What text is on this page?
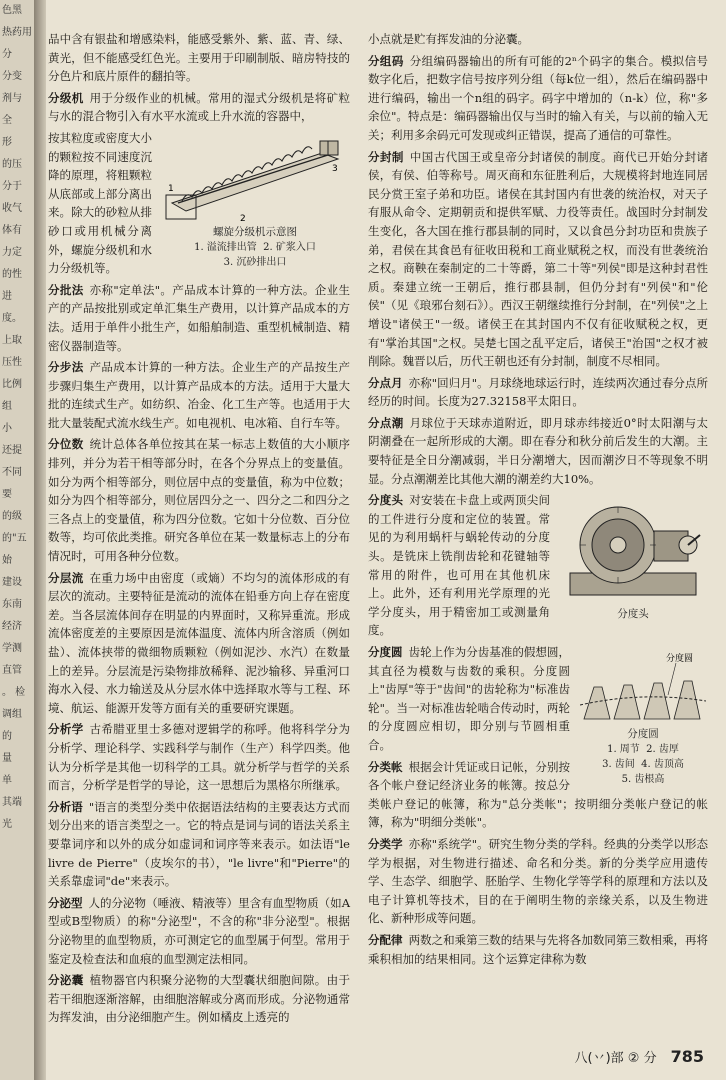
色黑
热药用
分
分变
剂与
全
形
的压
分于
收气
体有
力定
的性
进
度。
上取
压性
比例
组
小
还提
不同
要
的级
的"五
始
建设
东南
经济
学测
直管
。 检
调组
的
量
单
其端
光
品中含有银盐和增感染料，能感受紫外、紫、蓝、青、绿、黄光，但不能感受红色光。主要用于印刷制版、暗房特技的分色片和底片原件的翻拍等。
分级机 用于分级作业的机械。常用的湿式分级机是将矿粒与水的混合物引入有水平水流或上升水流的容器中，
1
2
3
螺旋分级机示意图
1. 溢流排出管 2. 矿浆入口
3. 沉砂排出口
按其粒度或密度大小的颗粒按不同速度沉降的原理，将粗颗粒从底部或上部分离出来。除大的砂粒从排砂口或用机械分离外，螺旋分级机和水力分级机等。
分批法 亦称"定单法"。产品成本计算的一种方法。企业生产的产品按批别或定单汇集生产费用，以计算产品成本的方法。适用于单件小批生产，如船舶制造、重型机械制造、精密仪器制造等。
分步法 产品成本计算的一种方法。企业生产的产品按生产步骤归集生产费用，以计算产品成本的方法。适用于大量大批的连续式生产。如纺织、冶金、化工生产等。也适用于大批大量装配式流水线生产。如电视机、电冰箱、自行车等。
分位数 统计总体各单位按其在某一标志上数值的大小顺序排列，并分为若干相等部分时，在各个分界点上的变量值。如分为两个相等部分，则位居中点的变量值，称为中位数；如分为四个相等部分，则位居四分之一、四分之二和四分之三各点上的变量值，称为四分位数。它如十分位数、百分位数等，均可依此类推。研究各单位在某一数量标志上的分布情况时，可用各种分位数。
分层流 在重力场中由密度（或熵）不均匀的流体形成的有层次的流动。主要特征是流动的流体在铅垂方向上存在密度差。当各层流体间存在明显的内界面时，又称异重流。形成流体密度差的主要原因是流体温度、流体内所含溶质（例如盐）、流体挟带的微细物质颗粒（例如泥沙、水汽）在数量上的差异。分层流是污染物排放稀释、泥沙输移、异重河口海水入侵、水力输送及从分层水体中选择取水等与工程、环境、航运、能源开发等方面有关的重要研究课题。
分析学 古希腊亚里士多德对逻辑学的称呼。他将科学分为分析学、理论科学、实践科学与制作（生产）科学四类。他认为分析学是其他一切科学的工具。就分析学与哲学的关系而言，分析学是哲学的导论，这一思想后为黑格尔所继承。
分析语 "语言的类型分类中依据语法结构的主要表达方式而划分出来的语言类型之一。它的特点是词与词的语法关系主要靠词序和以外的成分如虚词和词序等来表示。如法语"le livre de Pierre"（皮埃尔的书），"le livre"和"Pierre"的关系靠虚词"de"来表示。
分泌型 人的分泌物（唾液、精液等）里含有血型物质（如A型或B型物质）的称"分泌型"，不含的称"非分泌型"。根据分泌物里的血型物质，亦可测定它的血型属于何型。常用于鉴定及检查法和血痕的血型测定法相同。
分泌囊 植物器官内积聚分泌物的大型囊状细胞间隙。由于若干细胞逐渐溶解，由细胞溶解或分离而形成。分泌物通常为挥发油，由分泌细胞产生。例如橘皮上透亮的
小点就是贮有挥发油的分泌囊。
分组码 分组编码器输出的所有可能的2ⁿ个码字的集合。模拟信号数字化后，把数字信号按序列分组（每k位一组），然后在编码器中进行编码，输出一个n组的码字。码字中增加的（n-k）位，称"多余位"。特点是：编码器输出仅与当时的输入有关，与以前的输入无关；利用多余码元可发现或纠正错误，提高了通信的可靠性。
分封制 中国古代国王或皇帝分封诸侯的制度。商代已开始分封诸侯，有侯、伯等称号。周灭商和东征胜利后，大规模将封地连同居民分赏王室子弟和功臣。诸侯在其封国内有世袭的统治权，对天子有服从命令、定期朝贡和提供军赋、力役等责任。战国时分封制发生变化，各大国在推行郡县制的同时，又以食邑分封功臣和贵族子弟，君侯在其食邑有征收田税和工商业赋税之权，而没有世袭统治之权。商鞅在秦制定的二十等爵，第二十等"列侯"即是这种封君性质。秦建立统一王朝后，推行郡县制，但仍分封有"列侯"和"伦侯"（见《琅邪台刻石》）。西汉王朝继续推行分封制，在"列侯"之上增设"诸侯王"一级。诸侯王在其封国内不仅有征收赋税之权，更有"掌治其国"之权。吴楚七国之乱平定后，诸侯王"治国"之权才被削除。魏晋以后，历代王朝也还有分封制，制度不尽相同。
分点月 亦称"回归月"。月球绕地球运行时，连续两次通过春分点所经历的时间。长度为27.32158平太阳日。
分点潮 月球位于天球赤道附近，即月球赤纬接近0°时太阳潮与太阴潮叠在一起所形成的大潮。即在春分和秋分前后发生的大潮。主要特征是全日分潮减弱，半日分潮增大，因而潮汐日不等现象不明显。分点潮潮差比其他大潮的潮差约大10%。
分度头
分度头 对安装在卡盘上或两顶尖间的工件进行分度和定位的装置。常见的为利用蜗杆与蜗轮传动的分度头。是铣床上铣削齿轮和花键轴等常用的附件，也可用在其他机床上。此外，还有利用光学原理的光学分度头，用于精密加工或测量角度。
分度圆
分度圆
1. 周节 2. 齿厚
3. 齿间 4. 齿顶高
5. 齿根高
分度圆 齿轮上作为分齿基准的假想圆，其直径为模数与齿数的乘积。分度圆上"齿厚"等于"齿间"的齿轮称为"标准齿轮"。当一对标准齿轮啮合传动时，两轮的分度圆应相切，即分别与节圆相重合。
分类帐 根据会计凭证或日记帐，分别按各个帐户登记经济业务的帐簿。按总分类帐户登记的帐簿，称为"总分类帐"；按明细分类帐户登记的帐簿，称为"明细分类帐"。
分类学 亦称"系统学"。研究生物分类的学科。经典的分类学以形态学为根据，对生物进行描述、命名和分类。新的分类学应用遗传学、生态学、细胞学、胚胎学、生物化学等学科的原理和方法以及电子计算机等技术，目的在于阐明生物的亲缘关系，以及生物进化、新种形成等问题。
分配律 两数之和乘第三数的结果与先将各加数同第三数相乘，再将乘积相加的结果相同。这个运算定律称为数
八(丷)部 ② 分 785
